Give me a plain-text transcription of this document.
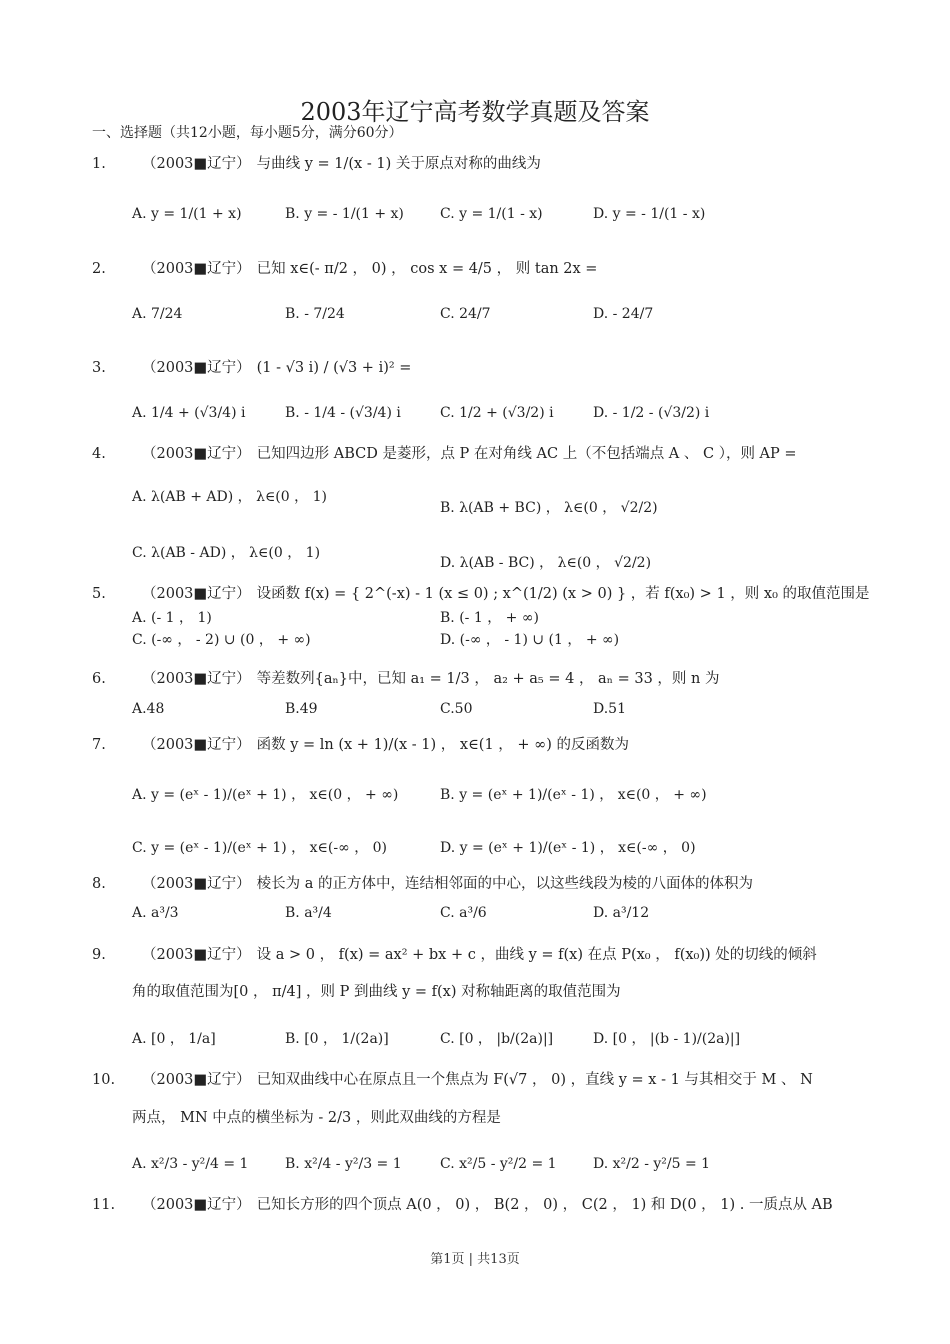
2003年辽宁高考数学真题及答案
一、选择题（共12小题，每小题5分，满分60分）
1. （2003■辽宁） 与曲线 y = 1/(x - 1) 关于原点对称的曲线为
A. y = 1/(1 + x)	B. y = - 1/(1 + x)	C. y = 1/(1 - x)	D. y = - 1/(1 - x)
2. （2003■辽宁） 已知 x∈(- π/2 ， 0) ， cos x = 4/5 ， 则 tan 2x =
A. 7/24	B. - 7/24	C. 24/7	D. - 24/7
3. （2003■辽宁） (1 - √3 i) / (√3 + i)² =
A. 1/4 + (√3/4) i	B. - 1/4 - (√3/4) i	C. 1/2 + (√3/2) i	D. - 1/2 - (√3/2) i
4. （2003■辽宁） 已知四边形 ABCD 是菱形，点 P 在对角线 AC 上（不包括端点 A 、 C ），则 AP =
A. λ(AB + AD) ， λ∈(0 ， 1)
B. λ(AB + BC) ， λ∈(0 ， √2/2)
C. λ(AB - AD) ， λ∈(0 ， 1)
D. λ(AB - BC) ， λ∈(0 ， √2/2)
5. （2003■辽宁） 设函数 f(x) = { 2^(-x) - 1 (x ≤ 0) ; x^(1/2) (x > 0) } ，若 f(x₀) > 1 ，则 x₀ 的取值范围是
A. (- 1 ， 1)	B. (- 1 ， + ∞)
C. (-∞ ， - 2) ∪ (0 ， + ∞)	D. (-∞ ， - 1) ∪ (1 ， + ∞)
6. （2003■辽宁） 等差数列{aₙ}中，已知 a₁ = 1/3 ， a₂ + a₅ = 4 ， aₙ = 33 ，则 n 为
A.48	B.49	C.50	D.51
7. （2003■辽宁） 函数 y = ln (x + 1)/(x - 1) ， x∈(1 ， + ∞) 的反函数为
A. y = (eˣ - 1)/(eˣ + 1) ， x∈(0 ， + ∞)	B. y = (eˣ + 1)/(eˣ - 1) ， x∈(0 ， + ∞)
C. y = (eˣ - 1)/(eˣ + 1) ， x∈(-∞ ， 0)	D. y = (eˣ + 1)/(eˣ - 1) ， x∈(-∞ ， 0)
8. （2003■辽宁） 棱长为 a 的正方体中，连结相邻面的中心，以这些线段为棱的八面体的体积为
A. a³/3	B. a³/4	C. a³/6	D. a³/12
9. （2003■辽宁） 设 a > 0 ， f(x) = ax² + bx + c ，曲线 y = f(x) 在点 P(x₀ ， f(x₀)) 处的切线的倾斜
角的取值范围为[0 ， π/4] ，则 P 到曲线 y = f(x) 对称轴距离的取值范围为
A. [0 ， 1/a]	B. [0 ， 1/(2a)]	C. [0 ， |b/(2a)|]	D. [0 ， |(b - 1)/(2a)|]
10. （2003■辽宁） 已知双曲线中心在原点且一个焦点为 F(√7 ， 0) ，直线 y = x - 1 与其相交于 M 、 N
两点， MN 中点的横坐标为 - 2/3 ，则此双曲线的方程是
A. x²/3 - y²/4 = 1	B. x²/4 - y²/3 = 1	C. x²/5 - y²/2 = 1	D. x²/2 - y²/5 = 1
11. （2003■辽宁） 已知长方形的四个顶点 A(0 ， 0) ， B(2 ， 0) ， C(2 ， 1) 和 D(0 ， 1) . 一质点从 AB
第1页 | 共13页
